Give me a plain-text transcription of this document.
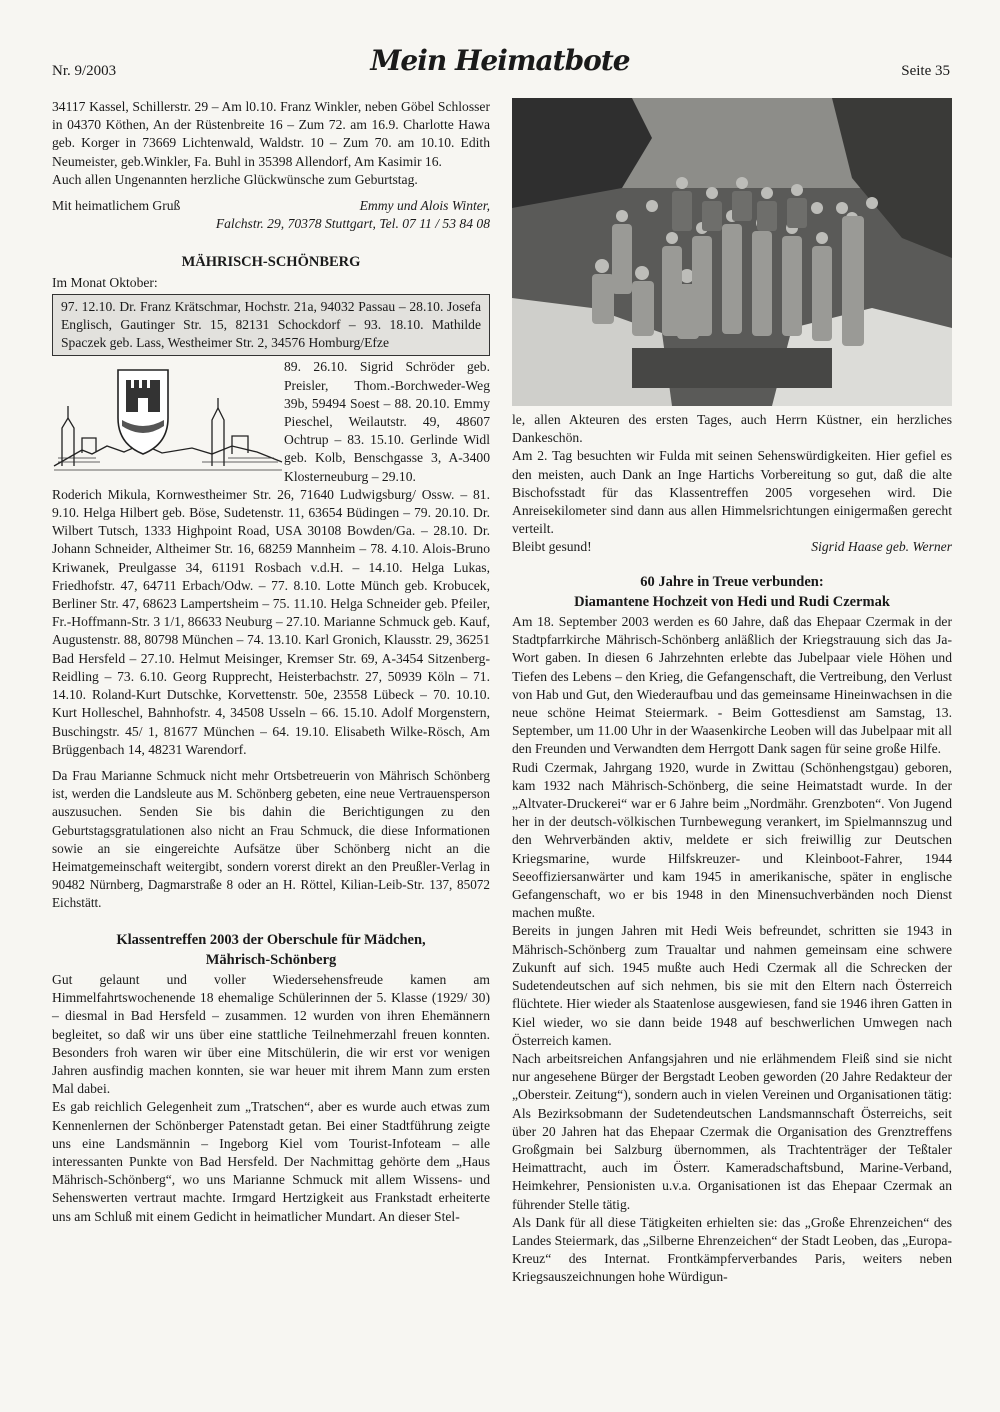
Nr. 9/2003	Mein Heimatbote	Seite 35

34117 Kassel, Schillerstr. 29 – Am l0.10. Franz Winkler, neben Göbel Schlosser in 04370 Köthen, An der Rüstenbreite 16 – Zum 72. am 16.9. Charlotte Hawa geb. Korger in 73669 Lichtenwald, Waldstr. 10 – Zum 70. am 10.10. Edith Neumeister, geb.Winkler, Fa. Buhl in 35398 Allendorf, Am Kasimir 16.

Auch allen Ungenannten herzliche Glückwünsche zum Geburtstag.

Mit heimatlichem Gruß	Emmy und Alois Winter,

Falchstr. 29, 70378 Stuttgart, Tel. 07 11 / 53 84 08

MÄHRISCH-SCHÖNBERG

Im Monat Oktober:

97. 12.10. Dr. Franz Krätschmar, Hochstr. 21a, 94032 Passau – 28.10. Josefa Englisch, Gautinger Str. 15, 82131 Schockdorf – 93. 18.10. Mathilde Spaczek geb. Lass, Westheimer Str. 2, 34576 Homburg/Efze
89. 26.10. Sigrid Schröder geb. Preisler, Thom.-Borchweder-Weg 39b, 59494 Soest – 88. 20.10. Emmy Pieschel, Weilautstr. 49, 48607 Ochtrup – 83. 15.10. Gerlinde Widl geb. Kolb, Benschgasse 3, A-3400 Klosterneuburg – 29.10.

Roderich Mikula, Kornwestheimer Str. 26, 71640 Ludwigsburg/ Ossw. – 81. 9.10. Helga Hilbert geb. Böse, Sudetenstr. 11, 63654 Büdingen – 79. 20.10. Dr. Wilbert Tutsch, 1333 Highpoint Road, USA 30108 Bowden/Ga. – 28.10. Dr. Johann Schneider, Altheimer Str. 16, 68259 Mannheim – 78. 4.10. Alois-Bruno Kriwanek, Preulgasse 34, 61191 Rosbach v.d.H. – 14.10. Helga Lukas, Friedhofstr. 47, 64711 Erbach/Odw. – 77. 8.10. Lotte Münch geb. Krobucek, Berliner Str. 47, 68623 Lampertsheim – 75. 11.10. Helga Schneider geb. Pfeiler, Fr.-Hoffmann-Str. 3 1/1, 86633 Neuburg – 27.10. Marianne Schmuck geb. Kauf, Augustenstr. 88, 80798 München – 74. 13.10. Karl Gronich, Klausstr. 29, 36251 Bad Hersfeld – 27.10. Helmut Meisinger, Kremser Str. 69, A-3454 Sitzenberg-Reidling – 73. 6.10. Georg Rupprecht, Heisterbachstr. 27, 50939 Köln – 71. 14.10. Roland-Kurt Dutschke, Korvettenstr. 50e, 23558 Lübeck – 70. 10.10. Kurt Holleschel, Bahnhofstr. 4, 34508 Usseln – 66. 15.10. Adolf Morgenstern, Buschingstr. 45/ 1, 81677 München – 64. 19.10. Elisabeth Wilke-Rösch, Am Brüggenbach 14, 48231 Warendorf.

Da Frau Marianne Schmuck nicht mehr Ortsbetreuerin von Mährisch Schönberg ist, werden die Landsleute aus M. Schönberg gebeten, eine neue Vertrauensperson auszusuchen. Senden Sie bis dahin die Berichtigungen zu den Geburtstagsgratulationen also nicht an Frau Schmuck, die diese Informationen sowie an sie eingereichte Aufsätze über Schönberg nicht an die Heimatgemeinschaft weitergibt, sondern vorerst direkt an den Preußler-Verlag in 90482 Nürnberg, Dagmarstraße 8 oder an H. Röttel, Kilian-Leib-Str. 137, 85072 Eichstätt.

Klassentreffen 2003 der Oberschule für Mädchen,
Mährisch-Schönberg

Gut gelaunt und voller Wiedersehensfreude kamen am Himmelfahrtswochenende 18 ehemalige Schülerinnen der 5. Klasse (1929/ 30) – diesmal in Bad Hersfeld – zusammen. 12 wurden von ihren Ehemännern begleitet, so daß wir uns über eine stattliche Teilnehmerzahl freuen konnten. Besonders froh waren wir über eine Mitschülerin, die wir erst vor wenigen Jahren ausfindig machen konnten, sie war heuer mit ihrem Mann zum ersten Mal dabei.

Es gab reichlich Gelegenheit zum „Tratschen“, aber es wurde auch etwas zum Kennenlernen der Schönberger Patenstadt getan. Bei einer Stadtführung zeigte uns eine Landsmännin – Ingeborg Kiel vom Tourist-Infoteam – alle interessanten Punkte von Bad Hersfeld. Der Nachmittag gehörte dem „Haus Mährisch-Schönberg“, wo uns Marianne Schmuck mit allem Wissens- und Sehenswerten vertraut machte. Irmgard Hertzigkeit aus Frankstadt erheiterte uns am Schluß mit einem Gedicht in heimatlicher Mundart. An dieser Stel-

le, allen Akteuren des ersten Tages, auch Herrn Küstner, ein herzliches Dankeschön.

Am 2. Tag besuchten wir Fulda mit seinen Sehenswürdigkeiten. Hier gefiel es den meisten, auch Dank an Inge Hartichs Vorbereitung so gut, daß die alte Bischofsstadt für das Klassentreffen 2005 vorgesehen wird. Die Anreisekilometer sind dann aus allen Himmelsrichtungen einigermaßen gerecht verteilt.

Bleibt gesund!	Sigrid Haase geb. Werner
60 Jahre in Treue verbunden:
Diamantene Hochzeit von Hedi und Rudi Czermak

Am 18. September 2003 werden es 60 Jahre, daß das Ehepaar Czermak in der Stadtpfarrkirche Mährisch-Schönberg anläßlich der Kriegstrauung sich das Ja-Wort gaben. In diesen 6 Jahrzehnten erlebte das Jubelpaar viele Höhen und Tiefen des Lebens – den Krieg, die Gefangenschaft, die Vertreibung, den Verlust von Hab und Gut, den Wiederaufbau und das gemeinsame Hineinwachsen in die neue schöne Heimat Steiermark. - Beim Gottesdienst am Samstag, 13. September, um 11.00 Uhr in der Waasenkirche Leoben will das Jubelpaar mit all den Freunden und Verwandten dem Herrgott Dank sagen für seine große Hilfe.

Rudi Czermak, Jahrgang 1920, wurde in Zwittau (Schönhengstgau) geboren, kam 1932 nach Mährisch-Schönberg, die seine Heimatstadt wurde. In der „Altvater-Druckerei“ war er 6 Jahre beim „Nordmähr. Grenzboten“. Von Jugend her in der deutsch-völkischen Turnbewegung verankert, im Spielmannszug und den Wehrverbänden aktiv, meldete er sich freiwillig zur Deutschen Kriegsmarine, wurde Hilfskreuzer- und Kleinboot-Fahrer, 1944 Seeoffiziersanwärter und kam 1945 in amerikanische, später in englische Gefangenschaft, wo er bis 1948 in den Minensuchverbänden noch Dienst machen mußte.

Bereits in jungen Jahren mit Hedi Weis befreundet, schritten sie 1943 in Mährisch-Schönberg zum Traualtar und nahmen gemeinsam eine schwere Zukunft auf sich. 1945 mußte auch Hedi Czermak all die Schrecken der Sudetendeutschen auf sich nehmen, bis sie mit den Eltern nach Österreich flüchtete. Hier wieder als Staatenlose ausgewiesen, fand sie 1946 ihren Gatten in Kiel wieder, wo sie dann beide 1948 auf beschwerlichen Umwegen nach Österreich kamen.

Nach arbeitsreichen Anfangsjahren und nie erlähmendem Fleiß sind sie nicht nur angesehene Bürger der Bergstadt Leoben geworden (20 Jahre Redakteur der „Obersteir. Zeitung“), sondern auch in vielen Vereinen und Organisationen tätig: Als Bezirksobmann der Sudetendeutschen Landsmannschaft Österreichs, seit über 20 Jahren hat das Ehepaar Czermak die Organisation des Grenztreffens Großgmain bei Salzburg übernommen, als Trachtenträger der Teßtaler Heimattracht, auch im Österr. Kameradschaftsbund, Marine-Verband, Heimkehrer, Pensionisten u.v.a. Organisationen ist das Ehepaar Czermak an führender Stelle tätig.

Als Dank für all diese Tätigkeiten erhielten sie: das „Große Ehrenzeichen“ des Landes Steiermark, das „Silberne Ehrenzeichen“ der Stadt Leoben, das „Europa-Kreuz“ des Internat. Frontkämpferverbandes Paris, weiters neben Kriegsauszeichnungen hohe Würdigun-
